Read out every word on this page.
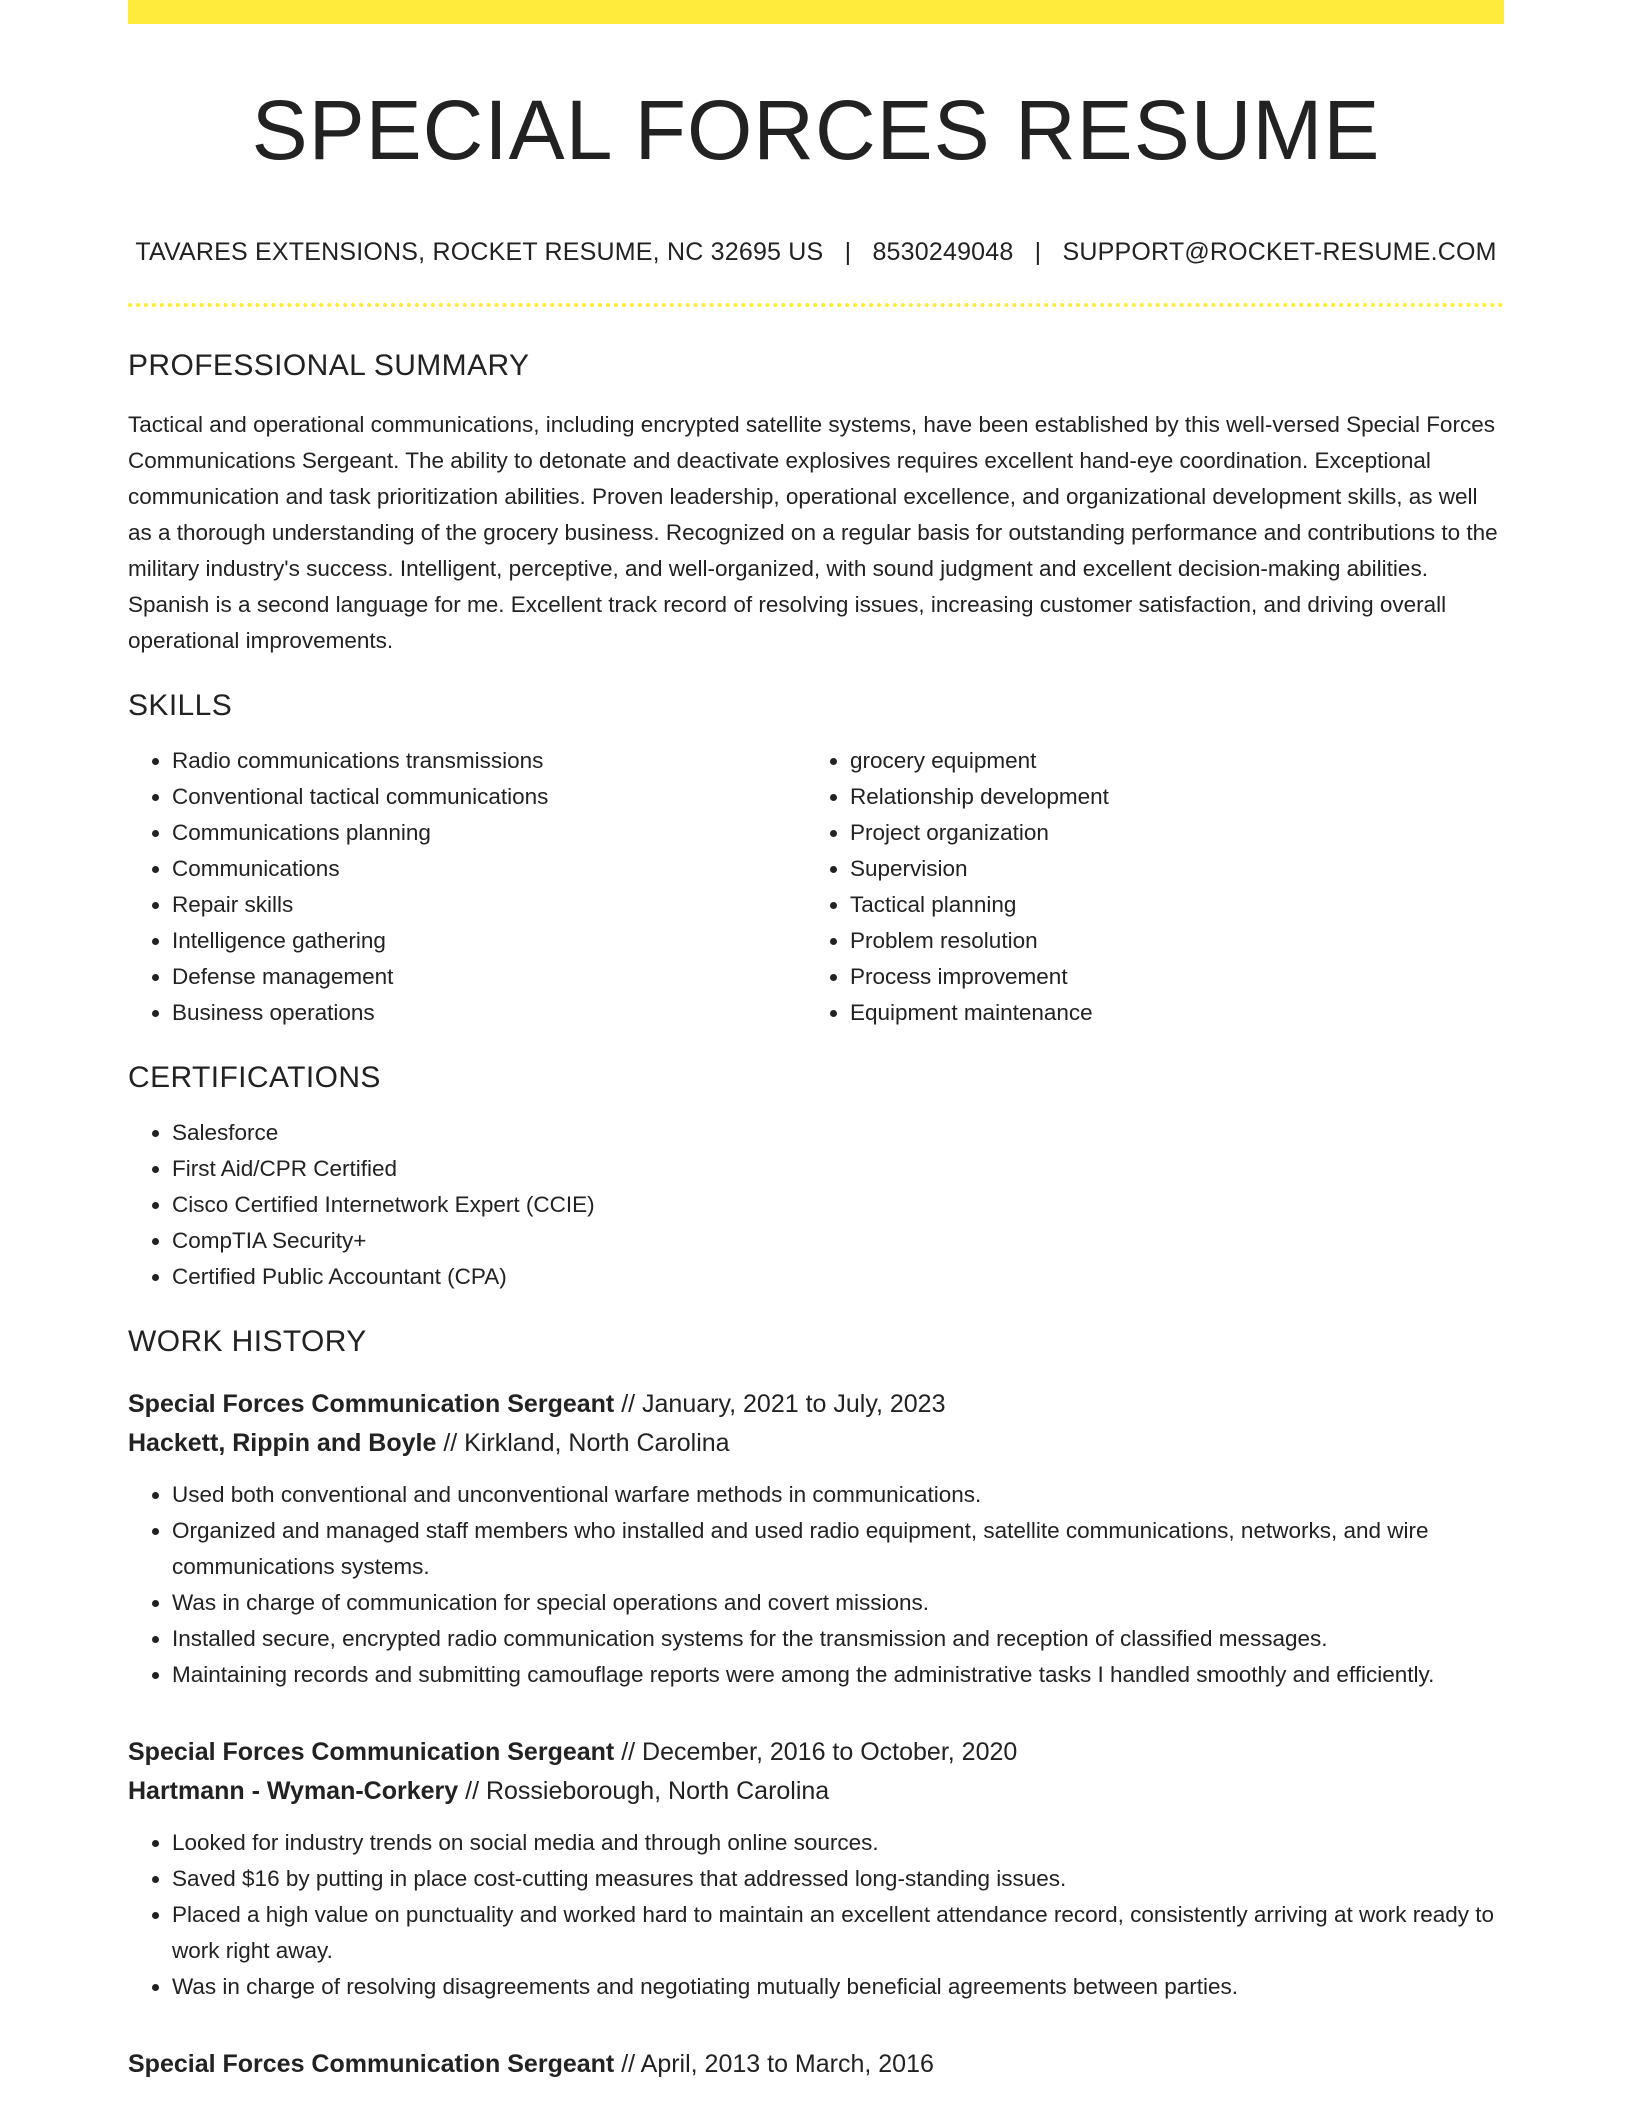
SPECIAL FORCES RESUME
TAVARES EXTENSIONS, ROCKET RESUME, NC 32695 US | 8530249048 | SUPPORT@ROCKET-RESUME.COM
PROFESSIONAL SUMMARY

Tactical and operational communications, including encrypted satellite systems, have been established by this well-versed Special Forces Communications Sergeant. The ability to detonate and deactivate explosives requires excellent hand-eye coordination. Exceptional communication and task prioritization abilities. Proven leadership, operational excellence, and organizational development skills, as well as a thorough understanding of the grocery business. Recognized on a regular basis for outstanding performance and contributions to the military industry's success. Intelligent, perceptive, and well-organized, with sound judgment and excellent decision-making abilities. Spanish is a second language for me. Excellent track record of resolving issues, increasing customer satisfaction, and driving overall operational improvements.

SKILLS
• Radio communications transmissions
• Conventional tactical communications
• Communications planning
• Communications
• Repair skills
• Intelligence gathering
• Defense management
• Business operations
• grocery equipment
• Relationship development
• Project organization
• Supervision
• Tactical planning
• Problem resolution
• Process improvement
• Equipment maintenance
CERTIFICATIONS
• Salesforce
• First Aid/CPR Certified
• Cisco Certified Internetwork Expert (CCIE)
• CompTIA Security+
• Certified Public Accountant (CPA)
WORK HISTORY
Special Forces Communication Sergeant // January, 2021 to July, 2023
Hackett, Rippin and Boyle // Kirkland, North Carolina
• Used both conventional and unconventional warfare methods in communications.
• Organized and managed staff members who installed and used radio equipment, satellite communications, networks, and wire communications systems.
• Was in charge of communication for special operations and covert missions.
• Installed secure, encrypted radio communication systems for the transmission and reception of classified messages.
• Maintaining records and submitting camouflage reports were among the administrative tasks I handled smoothly and efficiently.
Special Forces Communication Sergeant // December, 2016 to October, 2020
Hartmann - Wyman-Corkery // Rossieborough, North Carolina
• Looked for industry trends on social media and through online sources.
• Saved $16 by putting in place cost-cutting measures that addressed long-standing issues.
• Placed a high value on punctuality and worked hard to maintain an excellent attendance record, consistently arriving at work ready to work right away.
• Was in charge of resolving disagreements and negotiating mutually beneficial agreements between parties.
Special Forces Communication Sergeant // April, 2013 to March, 2016
